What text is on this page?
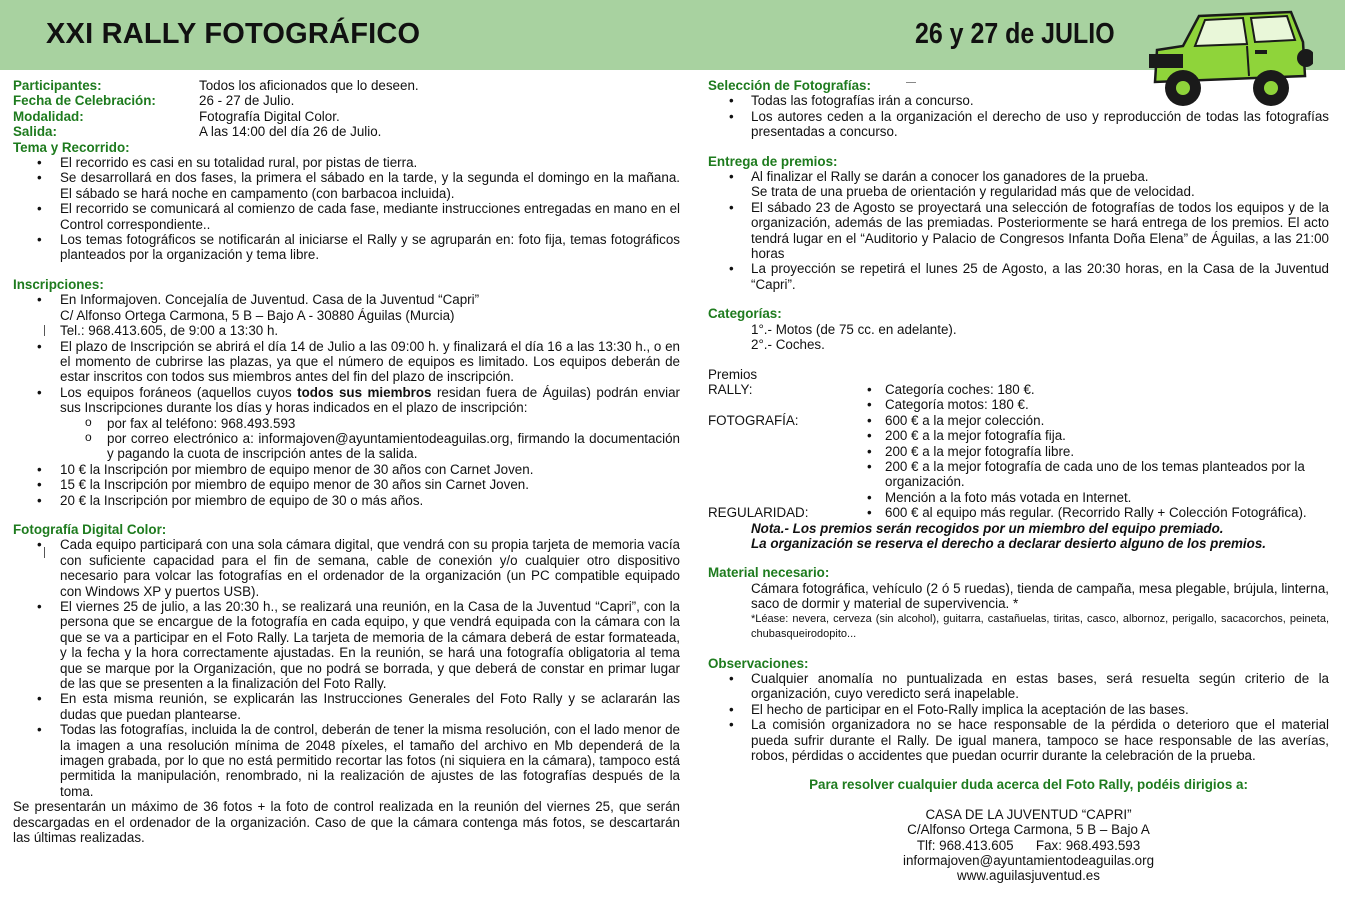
XXI RALLY FOTOGRÁFICO	26 y 27 de JULIO
Participantes:	Todos los aficionados que lo deseen.
Fecha de Celebración:	26 - 27 de Julio.
Modalidad:	Fotografía Digital Color.
Salida:	A las 14:00 del día 26 de Julio.
Tema y Recorrido:
• El recorrido es casi en su totalidad rural, por pistas de tierra.
• Se desarrollará en dos fases, la primera el sábado en la tarde, y la segunda el domingo en la mañana. El sábado se hará noche en campamento (con barbacoa incluida).
• El recorrido se comunicará al comienzo de cada fase, mediante instrucciones entregadas en mano en el Control correspondiente..
• Los temas fotográficos se notificarán al iniciarse el Rally y se agruparán en: foto fija, temas fotográficos planteados por la organización y tema libre.
Inscripciones:
• En Informajoven. Concejalía de Juventud. Casa de la Juventud “Capri”
C/ Alfonso Ortega Carmona, 5 B – Bajo A - 30880 Águilas (Murcia)
Tel.: 968.413.605, de 9:00 a 13:30 h.
• El plazo de Inscripción se abrirá el día 14 de Julio a las 09:00 h. y finalizará el día 16 a las 13:30 h., o en el momento de cubrirse las plazas, ya que el número de equipos es limitado. Los equipos deberán de estar inscritos con todos sus miembros antes del fin del plazo de inscripción.
• Los equipos foráneos (aquellos cuyos todos sus miembros residan fuera de Águilas) podrán enviar sus Inscripciones durante los días y horas indicados en el plazo de inscripción:
o por fax al teléfono: 968.493.593
o por correo electrónico a: informajoven@ayuntamientodeaguilas.org, firmando la documentación y pagando la cuota de inscripción antes de la salida.
• 10 € la Inscripción por miembro de equipo menor de 30 años con Carnet Joven.
• 15 € la Inscripción por miembro de equipo menor de 30 años sin Carnet Joven.
• 20 € la Inscripción por miembro de equipo de 30 o más años.
Fotografía Digital Color:
• Cada equipo participará con una sola cámara digital, que vendrá con su propia tarjeta de memoria vacía con suficiente capacidad para el fin de semana, cable de conexión y/o cualquier otro dispositivo necesario para volcar las fotografías en el ordenador de la organización (un PC compatible equipado con Windows XP y puertos USB).
• El viernes 25 de julio, a las 20:30 h., se realizará una reunión, en la Casa de la Juventud “Capri”, con la persona que se encargue de la fotografía en cada equipo, y que vendrá equipada con la cámara con la que se va a participar en el Foto Rally. La tarjeta de memoria de la cámara deberá de estar formateada, y la fecha y la hora correctamente ajustadas. En la reunión, se hará una fotografía obligatoria al tema que se marque por la Organización, que no podrá se borrada, y que deberá de constar en primar lugar de las que se presenten a la finalización del Foto Rally.
• En esta misma reunión, se explicarán las Instrucciones Generales del Foto Rally y se aclararán las dudas que puedan plantearse.
• Todas las fotografías, incluida la de control, deberán de tener la misma resolución, con el lado menor de la imagen a una resolución mínima de 2048 píxeles, el tamaño del archivo en Mb dependerá de la imagen grabada, por lo que no está permitido recortar las fotos (ni siquiera en la cámara), tampoco está permitida la manipulación, renombrado, ni la realización de ajustes de las fotografías después de la toma.
Se presentarán un máximo de 36 fotos + la foto de control realizada en la reunión del viernes 25, que serán descargadas en el ordenador de la organización. Caso de que la cámara contenga más fotos, se descartarán las últimas realizadas.
Selección de Fotografías:
• Todas las fotografías irán a concurso.
• Los autores ceden a la organización el derecho de uso y reproducción de todas las fotografías presentadas a concurso.
Entrega de premios:
• Al finalizar el Rally se darán a conocer los ganadores de la prueba.
Se trata de una prueba de orientación y regularidad más que de velocidad.
• El sábado 23 de Agosto se proyectará una selección de fotografías de todos los equipos y de la organización, además de las premiadas. Posteriormente se hará entrega de los premios. El acto tendrá lugar en el “Auditorio y Palacio de Congresos Infanta Doña Elena” de Águilas, a las 21:00 horas
• La proyección se repetirá el lunes 25 de Agosto, a las 20:30 horas, en la Casa de la Juventud “Capri”.
Categorías:
1°.- Motos (de 75 cc. en adelante).
2°.- Coches.
Premios
RALLY:	• Categoría coches: 180 €.
• Categoría motos: 180 €.
FOTOGRAFÍA:	• 600 € a la mejor colección.
• 200 € a la mejor fotografía fija.
• 200 € a la mejor fotografía libre.
• 200 € a la mejor fotografía de cada uno de los temas planteados por la organización.
• Mención a la foto más votada en Internet.
REGULARIDAD:	• 600 € al equipo más regular. (Recorrido Rally + Colección Fotográfica).
Nota.- Los premios serán recogidos por un miembro del equipo premiado.
La organización se reserva el derecho a declarar desierto alguno de los premios.
Material necesario:
Cámara fotográfica, vehículo (2 ó 5 ruedas), tienda de campaña, mesa plegable, brújula, linterna, saco de dormir y material de supervivencia. *
*Léase: nevera, cerveza (sin alcohol), guitarra, castañuelas, tiritas, casco, albornoz, perigallo, sacacorchos, peineta, chubasqueirodopito...
Observaciones:
• Cualquier anomalía no puntualizada en estas bases, será resuelta según criterio de la organización, cuyo veredicto será inapelable.
• El hecho de participar en el Foto-Rally implica la aceptación de las bases.
• La comisión organizadora no se hace responsable de la pérdida o deterioro que el material pueda sufrir durante el Rally. De igual manera, tampoco se hace responsable de las averías, robos, pérdidas o accidentes que puedan ocurrir durante la celebración de la prueba.
Para resolver cualquier duda acerca del Foto Rally, podéis dirigios a:
CASA DE LA JUVENTUD “CAPRI”
C/Alfonso Ortega Carmona, 5 B – Bajo A
Tlf: 968.413.605      Fax: 968.493.593
informajoven@ayuntamientodeaguilas.org
www.aguilasjuventud.es
